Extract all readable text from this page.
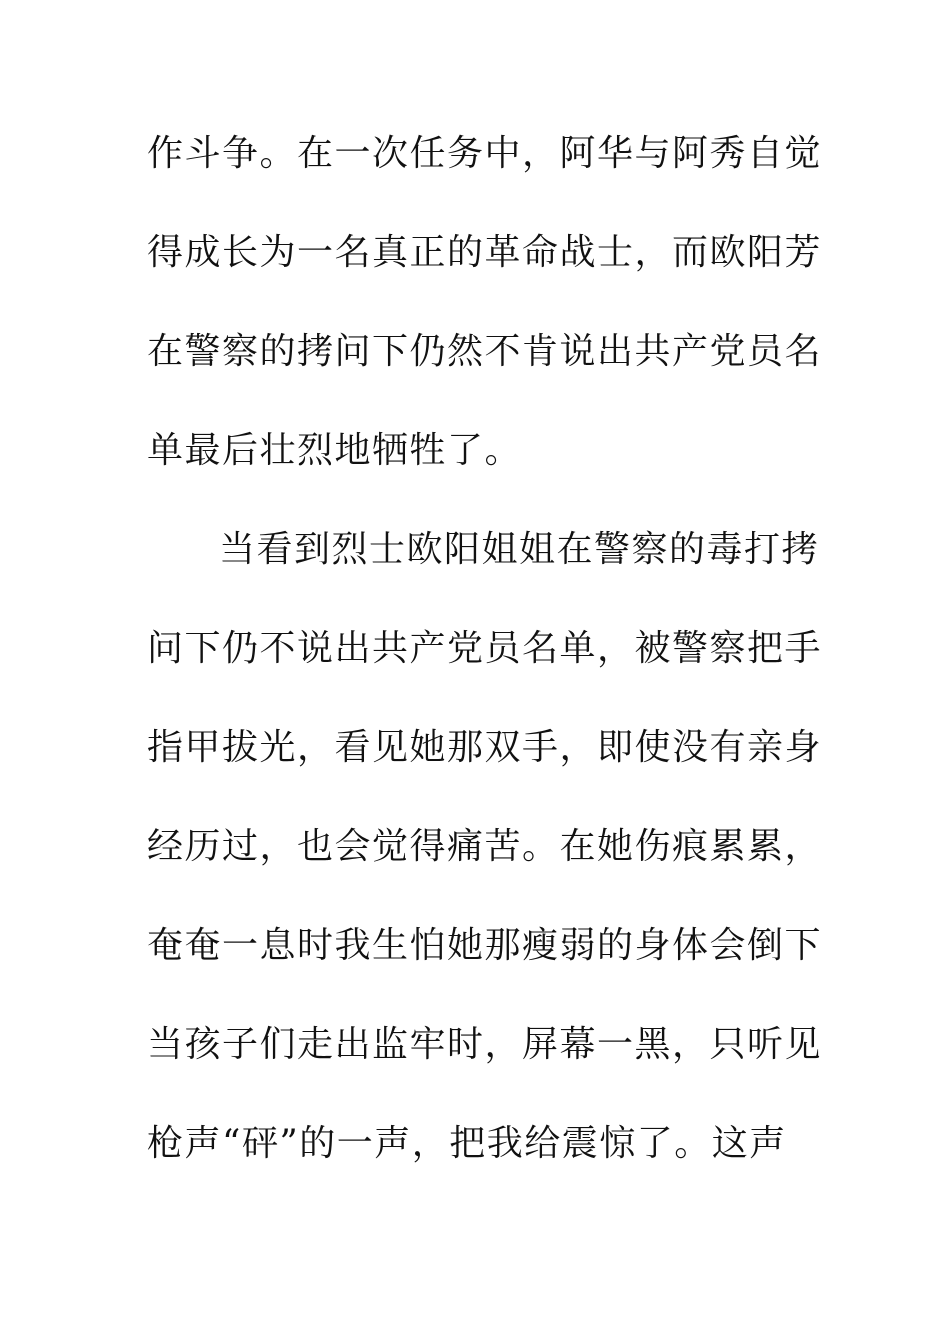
作斗争。在一次任务中，阿华与阿秀自觉
得成长为一名真正的革命战士，而欧阳芳
在警察的拷问下仍然不肯说出共产党员名
单最后壮烈地牺牲了。
当看到烈士欧阳姐姐在警察的毒打拷
问下仍不说出共产党员名单，被警察把手
指甲拔光，看见她那双手，即使没有亲身
经历过，也会觉得痛苦。在她伤痕累累，
奄奄一息时我生怕她那瘦弱的身体会倒下
当孩子们走出监牢时，屏幕一黑，只听见
枪声“砰”的一声，把我给震惊了。这声
